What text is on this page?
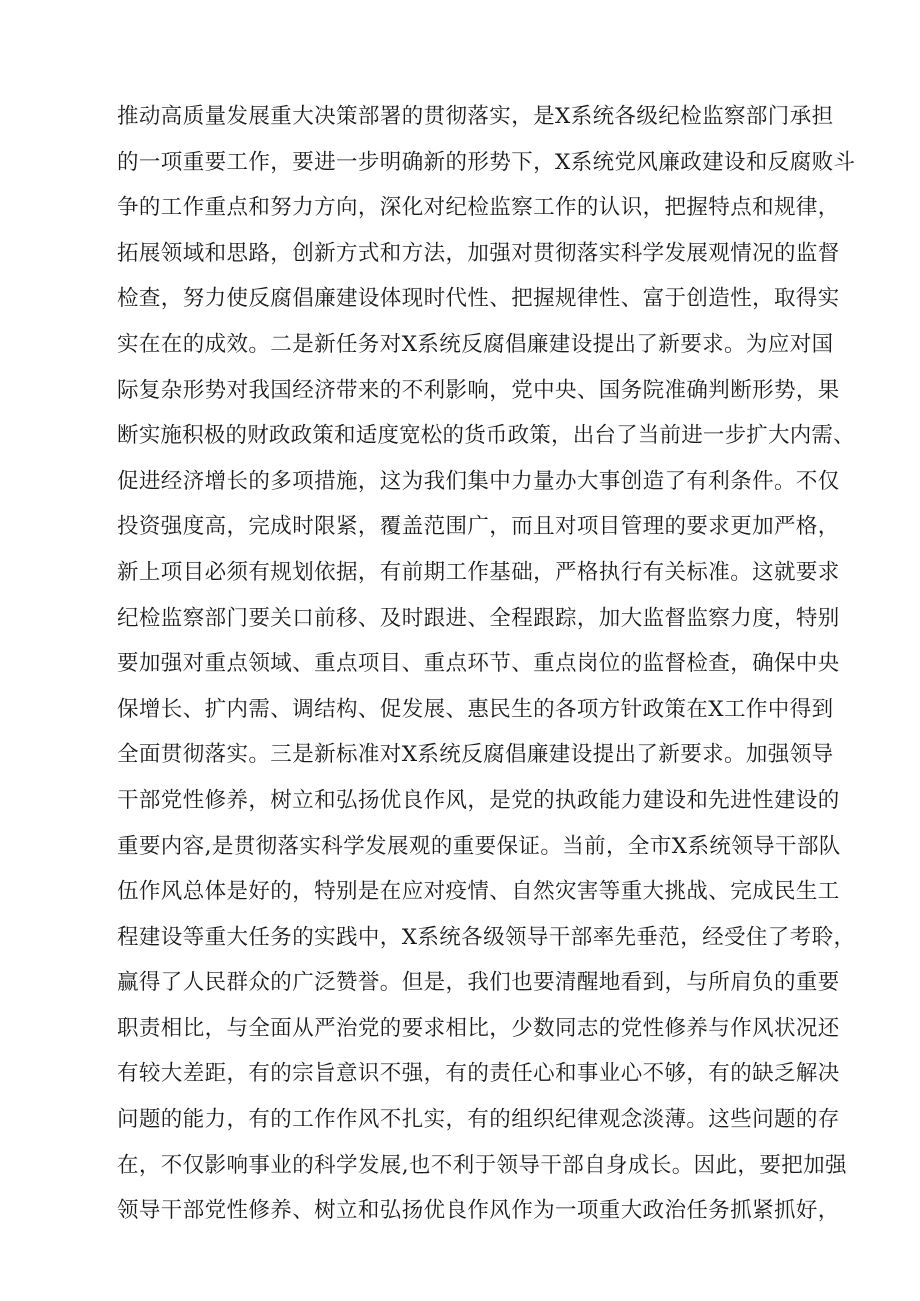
推动高质量发展重大决策部署的贯彻落实，是X系统各级纪检监察部门承担
的一项重要工作，要进一步明确新的形势下，X系统党风廉政建设和反腐败斗
争的工作重点和努力方向，深化对纪检监察工作的认识，把握特点和规律，
拓展领域和思路，创新方式和方法，加强对贯彻落实科学发展观情况的监督
检查，努力使反腐倡廉建设体现时代性、把握规律性、富于创造性，取得实
实在在的成效。二是新任务对X系统反腐倡廉建设提出了新要求。为应对国
际复杂形势对我国经济带来的不利影响，党中央、国务院准确判断形势，果
断实施积极的财政政策和适度宽松的货币政策，出台了当前进一步扩大内需、
促进经济增长的多项措施，这为我们集中力量办大事创造了有利条件。不仅
投资强度高，完成时限紧，覆盖范围广，而且对项目管理的要求更加严格，
新上项目必须有规划依据，有前期工作基础，严格执行有关标准。这就要求
纪检监察部门要关口前移、及时跟进、全程跟踪，加大监督监察力度，特别
要加强对重点领域、重点项目、重点环节、重点岗位的监督检查，确保中央
保增长、扩内需、调结构、促发展、惠民生的各项方针政策在X工作中得到
全面贯彻落实。三是新标准对X系统反腐倡廉建设提出了新要求。加强领导
干部党性修养，树立和弘扬优良作风，是党的执政能力建设和先进性建设的
重要内容,是贯彻落实科学发展观的重要保证。当前，全市X系统领导干部队
伍作风总体是好的，特别是在应对疫情、自然灾害等重大挑战、完成民生工
程建设等重大任务的实践中，X系统各级领导干部率先垂范，经受住了考聆，
赢得了人民群众的广泛赞誉。但是，我们也要清醒地看到，与所肩负的重要
职责相比，与全面从严治党的要求相比，少数同志的党性修养与作风状况还
有较大差距，有的宗旨意识不强，有的责任心和事业心不够，有的缺乏解决
问题的能力，有的工作作风不扎实，有的组织纪律观念淡薄。这些问题的存
在，不仅影响事业的科学发展,也不利于领导干部自身成长。因此，要把加强
领导干部党性修养、树立和弘扬优良作风作为一项重大政治任务抓紧抓好，
